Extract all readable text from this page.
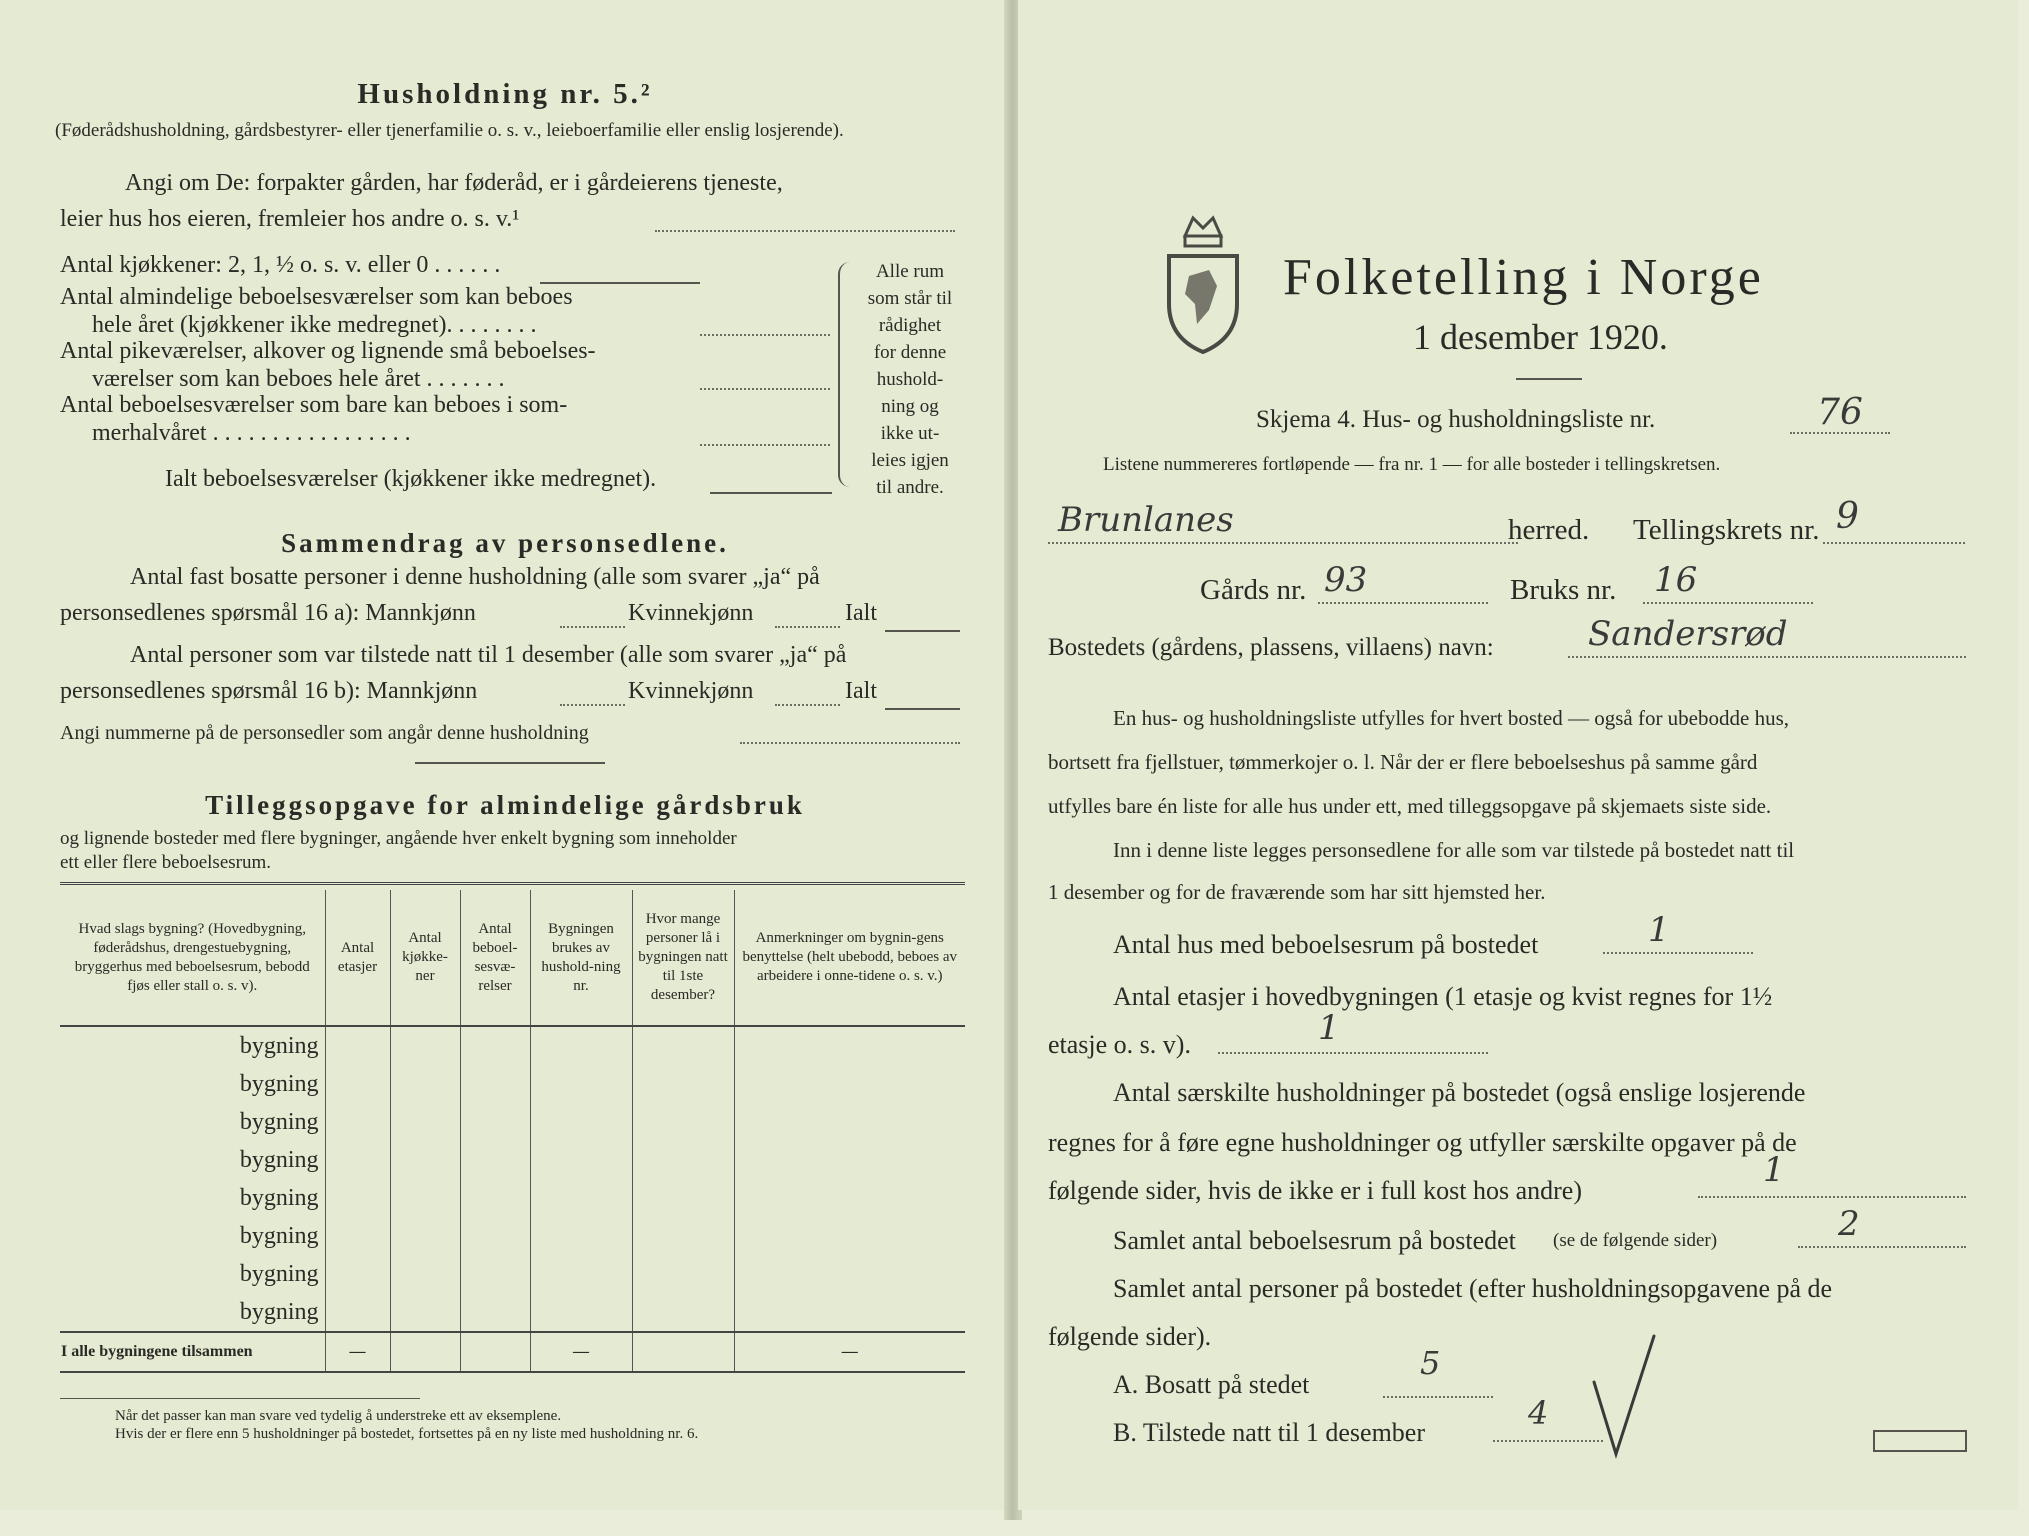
Husholdning nr. 5.²
(Føderådshusholdning, gårdsbestyrer- eller tjenerfamilie o. s. v., leieboerfamilie eller enslig losjerende).
Angi om De: forpakter gården, har føderåd, er i gårdeierens tjeneste,
leier hus hos eieren, fremleier hos andre o. s. v.¹
Antal kjøkkener: 2, 1, ½ o. s. v. eller 0 . . . . . .
Antal almindelige beboelsesværelser som kan beboes
hele året (kjøkkener ikke medregnet). . . . . . . .
Antal pikeværelser, alkover og lignende små beboelses-
værelser som kan beboes hele året . . . . . . .
Antal beboelsesværelser som bare kan beboes i som-
merhalvåret . . . . . . . . . . . . . . . . .
Ialt beboelsesværelser (kjøkkener ikke medregnet).
Alle rum
som står til
rådighet
for denne
hushold-
ning og
ikke ut-
leies igjen
til andre.
Sammendrag av personsedlene.
Antal fast bosatte personer i denne husholdning (alle som svarer „ja“ på
personsedlenes spørsmål 16 a): Mannkjønn	Kvinnekjønn	Ialt
Antal personer som var tilstede natt til 1 desember (alle som svarer „ja“ på
personsedlenes spørsmål 16 b): Mannkjønn	Kvinnekjønn	Ialt
Angi nummerne på de personsedler som angår denne husholdning
Tilleggsopgave for almindelige gårdsbruk
og lignende bosteder med flere bygninger, angående hver enkelt bygning som inneholder
ett eller flere beboelsesrum.
Hvad slags bygning? (Hovedbygning, føderådshus, drengestuebygning, bryggerhus med beboelsesrum, bebodd fjøs eller stall o. s. v).	Antal etasjer	Antal kjøkke-ner	Antal beboel-sesvæ-relser	Bygningen brukes av hushold-ning nr.	Hvor mange personer lå i bygningen natt til 1ste desember?	Anmerkninger om bygnin-gens benyttelse (helt ubebodd, beboes av arbeidere i onne-tidene o. s. v.)
bygning						
bygning						
bygning						
bygning						
bygning						
bygning						
bygning						
bygning						
I alle bygningene tilsammen	—			—		—
Når det passer kan man svare ved tydelig å understreke ett av eksemplene.
Hvis der er flere enn 5 husholdninger på bostedet, fortsettes på en ny liste med husholdning nr. 6.
Folketelling i Norge
1 desember 1920.
Skjema 4. Hus- og husholdningsliste nr.	76
Listene nummereres fortløpende — fra nr. 1 — for alle bosteder i tellingskretsen.
Brunlanes	herred. Tellingskrets nr. 9
Gårds nr. 93	Bruks nr. 16
Bostedets (gårdens, plassens, villaens) navn:	Sandersrød
En hus- og husholdningsliste utfylles for hvert bosted — også for ubebodde hus,
bortsett fra fjellstuer, tømmerkojer o. l. Når der er flere beboelseshus på samme gård
utfylles bare én liste for alle hus under ett, med tilleggsopgave på skjemaets siste side.
Inn i denne liste legges personsedlene for alle som var tilstede på bostedet natt til
1 desember og for de fraværende som har sitt hjemsted her.
Antal hus med beboelsesrum på bostedet	1
Antal etasjer i hovedbygningen (1 etasje og kvist regnes for 1½
etasje o. s. v).	1
Antal særskilte husholdninger på bostedet (også enslige losjerende
regnes for å føre egne husholdninger og utfyller særskilte opgaver på de
følgende sider, hvis de ikke er i full kost hos andre)
1
Samlet antal beboelsesrum på bostedet (se de følgende sider)	2
Samlet antal personer på bostedet (efter husholdningsopgavene på de
følgende sider).
A. Bosatt på stedet
5
B. Tilstede natt til 1 desember
4
